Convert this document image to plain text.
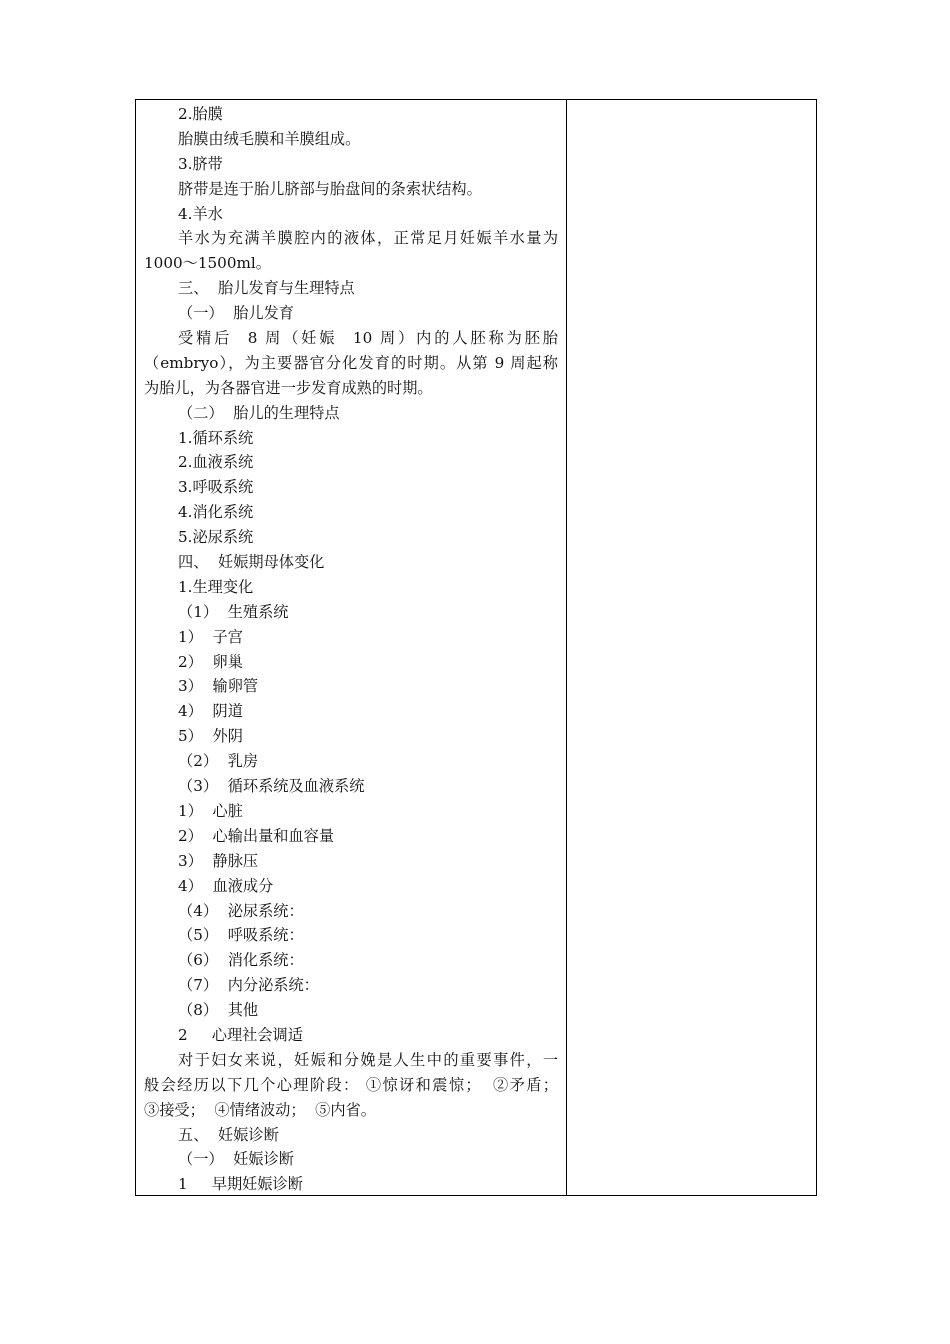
2.胎膜
胎膜由绒毛膜和羊膜组成。
3.脐带
脐带是连于胎儿脐部与胎盘间的条索状结构。
4.羊水
羊水为充满羊膜腔内的液体，正常足月妊娠羊水量为
1000～1500ml。
三、  胎儿发育与生理特点
（一）  胎儿发育
受精后  8 周（妊娠  10 周）内的人胚称为胚胎
（embryo），为主要器官分化发育的时期。从第 9 周起称
为胎儿，为各器官进一步发育成熟的时期。
（二）  胎儿的生理特点
1.循环系统
2.血液系统
3.呼吸系统
4.消化系统
5.泌尿系统
四、  妊娠期母体变化
1.生理变化
（1）  生殖系统
1）  子宫
2）  卵巢
3）  输卵管
4）  阴道
5）  外阴
（2）  乳房
（3）  循环系统及血液系统
1）  心脏
2）  心输出量和血容量
3）  静脉压
4）  血液成分
（4）  泌尿系统：
（5）  呼吸系统：
（6）  消化系统：
（7）  内分泌系统：
（8）  其他
2     心理社会调适
对于妇女来说，妊娠和分娩是人生中的重要事件，一
般会经历以下几个心理阶段： ①惊讶和震惊；  ②矛盾；
③接受；  ④情绪波动；  ⑤内省。
五、  妊娠诊断
（一）  妊娠诊断
1     早期妊娠诊断
